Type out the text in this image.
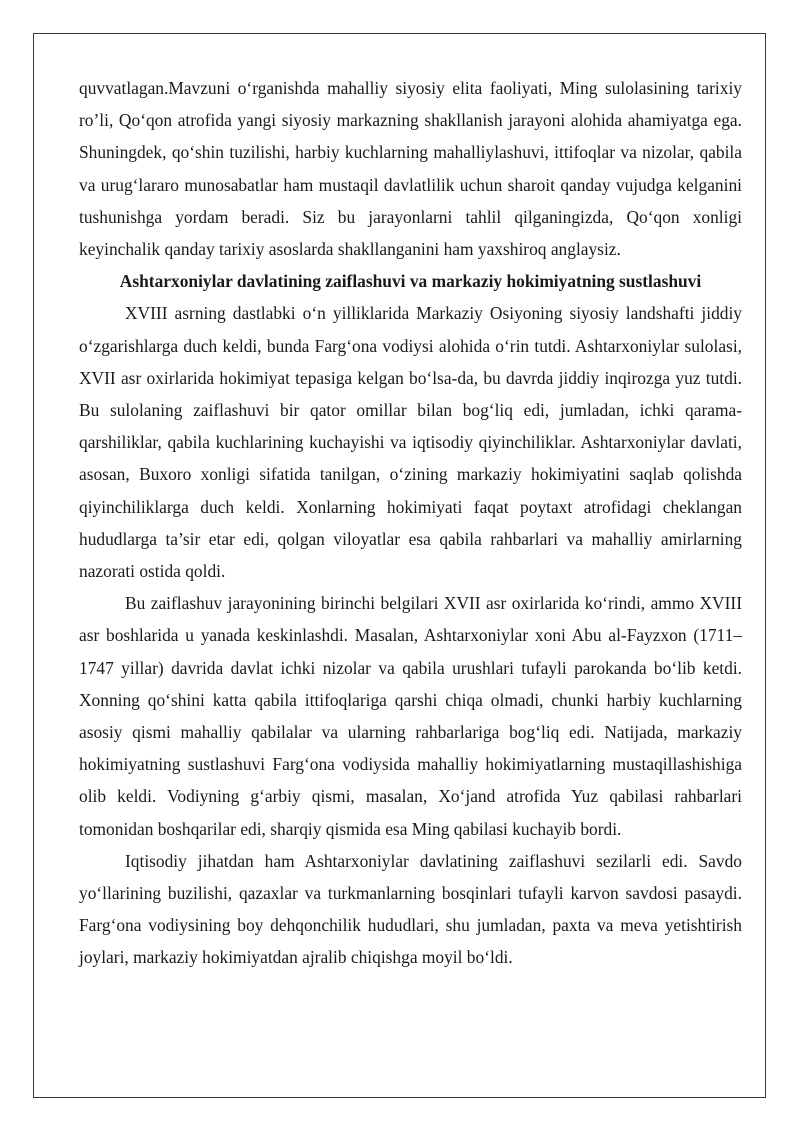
quvvatlagan.Mavzuni o‘rganishda mahalliy siyosiy elita faoliyati, Ming sulolasining tarixiy ro’li, Qo‘qon atrofida yangi siyosiy markazning shakllanish jarayoni alohida ahamiyatga ega. Shuningdek, qo‘shin tuzilishi, harbiy kuchlarning mahalliylashuvi, ittifoqlar va nizolar, qabila va urug‘lararo munosabatlar ham mustaqil davlatlilik uchun sharoit qanday vujudga kelganini tushunishga yordam beradi. Siz bu jarayonlarni tahlil qilganingizda, Qo‘qon xonligi keyinchalik qanday tarixiy asoslarda shakllanganini ham yaxshiroq anglaysiz.

Ashtarxoniylar davlatining zaiflashuvi va markaziy hokimiyatning sustlashuvi

XVIII asrning dastlabki o‘n yilliklarida Markaziy Osiyoning siyosiy landshafti jiddiy o‘zgarishlarga duch keldi, bunda Farg‘ona vodiysi alohida o‘rin tutdi. Ashtarxoniylar sulolasi, XVII asr oxirlarida hokimiyat tepasiga kelgan bo‘lsa-da, bu davrda jiddiy inqirozga yuz tutdi. Bu sulolaning zaiflashuvi bir qator omillar bilan bog‘liq edi, jumladan, ichki qarama-qarshiliklar, qabila kuchlarining kuchayishi va iqtisodiy qiyinchiliklar. Ashtarxoniylar davlati, asosan, Buxoro xonligi sifatida tanilgan, o‘zining markaziy hokimiyatini saqlab qolishda qiyinchiliklarga duch keldi. Xonlarning hokimiyati faqat poytaxt atrofidagi cheklangan hududlarga ta’sir etar edi, qolgan viloyatlar esa qabila rahbarlari va mahalliy amirlarning nazorati ostida qoldi.

Bu zaiflashuv jarayonining birinchi belgilari XVII asr oxirlarida ko‘rindi, ammo XVIII asr boshlarida u yanada keskinlashdi. Masalan, Ashtarxoniylar xoni Abu al-Fayzxon (1711–1747 yillar) davrida davlat ichki nizolar va qabila urushlari tufayli parokanda bo‘lib ketdi. Xonning qo‘shini katta qabila ittifoqlariga qarshi chiqa olmadi, chunki harbiy kuchlarning asosiy qismi mahalliy qabilalar va ularning rahbarlariga bog‘liq edi. Natijada, markaziy hokimiyatning sustlashuvi Farg‘ona vodiysida mahalliy hokimiyatlarning mustaqillashishiga olib keldi. Vodiyning g‘arbiy qismi, masalan, Xo‘jand atrofida Yuz qabilasi rahbarlari tomonidan boshqarilar edi, sharqiy qismida esa Ming qabilasi kuchayib bordi.

Iqtisodiy jihatdan ham Ashtarxoniylar davlatining zaiflashuvi sezilarli edi. Savdo yo‘llarining buzilishi, qazaxlar va turkmanlarning bosqinlari tufayli karvon savdosi pasaydi. Farg‘ona vodiysining boy dehqonchilik hududlari, shu jumladan, paxta va meva yetishtirish joylari, markaziy hokimiyatdan ajralib chiqishga moyil bo‘ldi.
